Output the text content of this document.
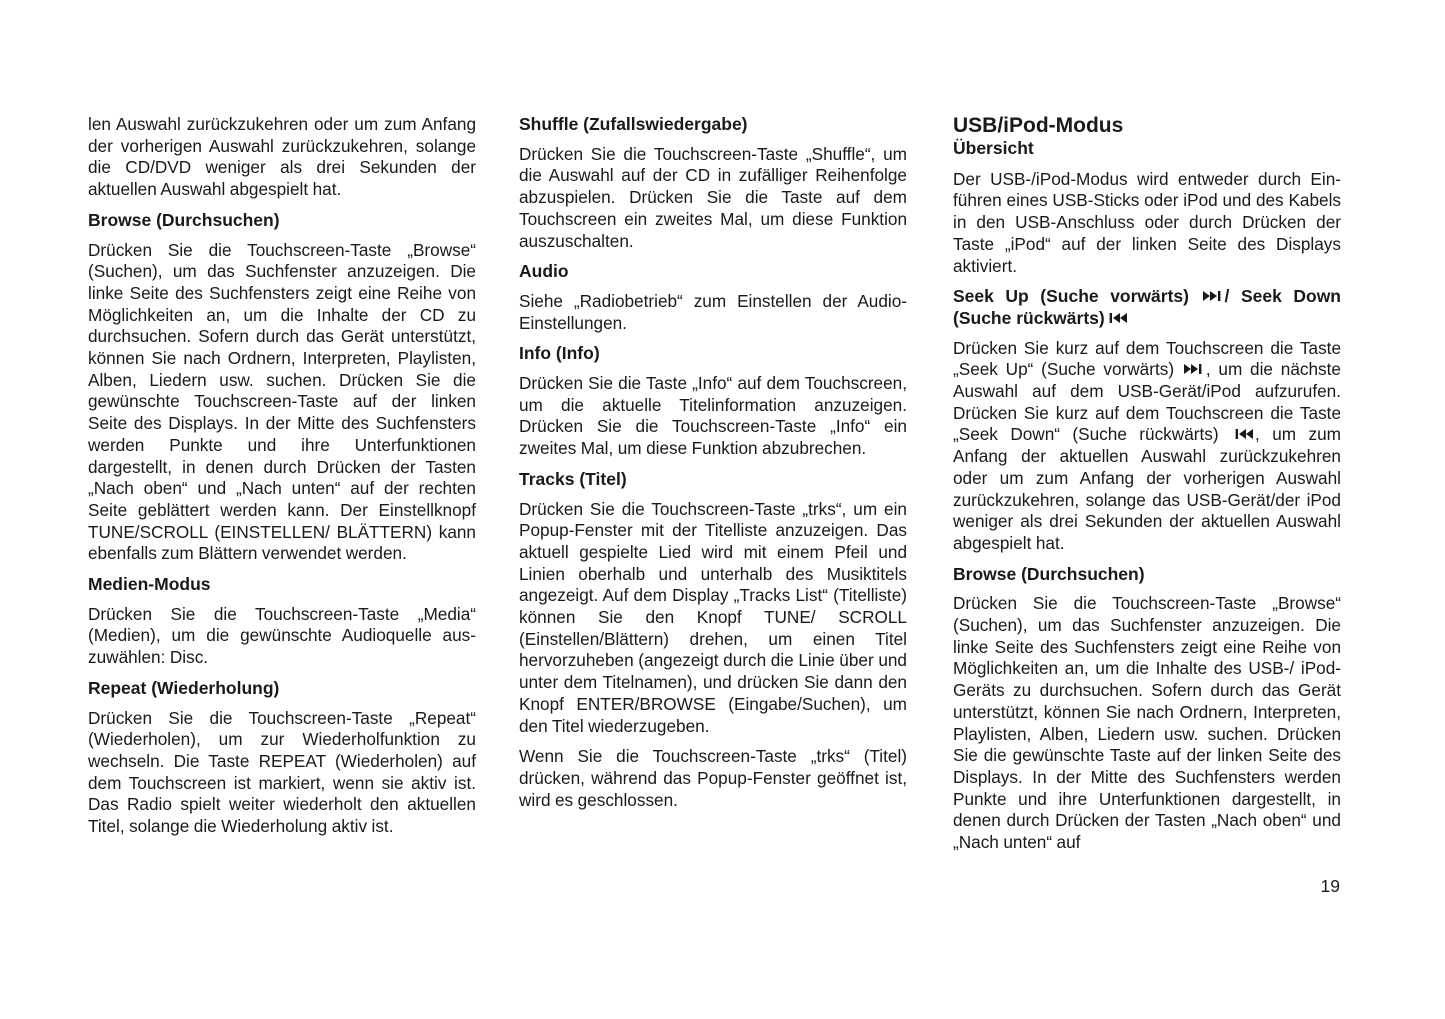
len Auswahl zurückzukehren oder um zum Anfang der vorherigen Auswahl zurückzukehren, solange die CD/DVD weniger als drei Sekunden der aktuellen Auswahl abgespielt hat.

Browse (Durchsuchen)

Drücken Sie die Touchscreen-Taste „Browse“ (Suchen), um das Suchfenster anzuzeigen. Die linke Seite des Suchfensters zeigt eine Reihe von Möglichkeiten an, um die Inhalte der CD zu durchsuchen. Sofern durch das Gerät unterstützt, können Sie nach Ordnern, Interpreten, Playlisten, Alben, Liedern usw. suchen. Drücken Sie die gewünschte Touchscreen-Taste auf der linken Seite des Displays. In der Mitte des Suchfensters werden Punkte und ihre Unterfunktionen dargestellt, in denen durch Drücken der Tasten „Nach oben“ und „Nach unten“ auf der rechten Seite geblättert werden kann. Der Einstellknopf TUNE/SCROLL (EINSTELLEN/ BLÄTTERN) kann ebenfalls zum Blättern verwendet werden.

Medien-Modus

Drücken Sie die Touchscreen-Taste „Media“ (Medien), um die gewünschte Audioquelle auszuwählen: Disc.

Repeat (Wiederholung)

Drücken Sie die Touchscreen-Taste „Repeat“ (Wiederholen), um zur Wiederholfunktion zu wechseln. Die Taste REPEAT (Wiederholen) auf dem Touchscreen ist markiert, wenn sie aktiv ist. Das Radio spielt weiter wiederholt den aktuellen Titel, solange die Wiederholung aktiv ist.

Shuffle (Zufallswiedergabe)

Drücken Sie die Touchscreen-Taste „Shuffle“, um die Auswahl auf der CD in zufälliger Reihenfolge abzuspielen. Drücken Sie die Taste auf dem Touchscreen ein zweites Mal, um diese Funktion auszuschalten.

Audio

Siehe „Radiobetrieb“ zum Einstellen der Audio-Einstellungen.

Info (Info)

Drücken Sie die Taste „Info“ auf dem Touchscreen, um die aktuelle Titelinformation anzuzeigen. Drücken Sie die Touchscreen-Taste „Info“ ein zweites Mal, um diese Funktion abzubrechen.

Tracks (Titel)

Drücken Sie die Touchscreen-Taste „trks“, um ein Popup-Fenster mit der Titelliste anzuzeigen. Das aktuell gespielte Lied wird mit einem Pfeil und Linien oberhalb und unterhalb des Musiktitels angezeigt. Auf dem Display „Tracks List“ (Titelliste) können Sie den Knopf TUNE/ SCROLL (Einstellen/Blättern) drehen, um einen Titel hervorzuheben (angezeigt durch die Linie über und unter dem Titelnamen), und drücken Sie dann den Knopf ENTER/BROWSE (Eingabe/Suchen), um den Titel wiederzugeben.

Wenn Sie die Touchscreen-Taste „trks“ (Titel) drücken, während das Popup-Fenster geöffnet ist, wird es geschlossen.

USB/iPod-Modus
Übersicht

Der USB-/iPod-Modus wird entweder durch Einführen eines USB-Sticks oder iPod und des Kabels in den USB-Anschluss oder durch Drücken der Taste „iPod“ auf der linken Seite des Displays aktiviert.

Seek Up (Suche vorwärts) / Seek Down (Suche rückwärts)

Drücken Sie kurz auf dem Touchscreen die Taste „Seek Up“ (Suche vorwärts) , um die nächste Auswahl auf dem USB-Gerät/iPod aufzurufen. Drücken Sie kurz auf dem Touchscreen die Taste „Seek Down“ (Suche rückwärts) , um zum Anfang der aktuellen Auswahl zurückzukehren oder um zum Anfang der vorherigen Auswahl zurückzukehren, solange das USB-Gerät/der iPod weniger als drei Sekunden der aktuellen Auswahl abgespielt hat.

Browse (Durchsuchen)

Drücken Sie die Touchscreen-Taste „Browse“ (Suchen), um das Suchfenster anzuzeigen. Die linke Seite des Suchfensters zeigt eine Reihe von Möglichkeiten an, um die Inhalte des USB-/ iPod-Geräts zu durchsuchen. Sofern durch das Gerät unterstützt, können Sie nach Ordnern, Interpreten, Playlisten, Alben, Liedern usw. suchen. Drücken Sie die gewünschte Taste auf der linken Seite des Displays. In der Mitte des Suchfensters werden Punkte und ihre Unterfunktionen dargestellt, in denen durch Drücken der Tasten „Nach oben“ und „Nach unten“ auf

19
